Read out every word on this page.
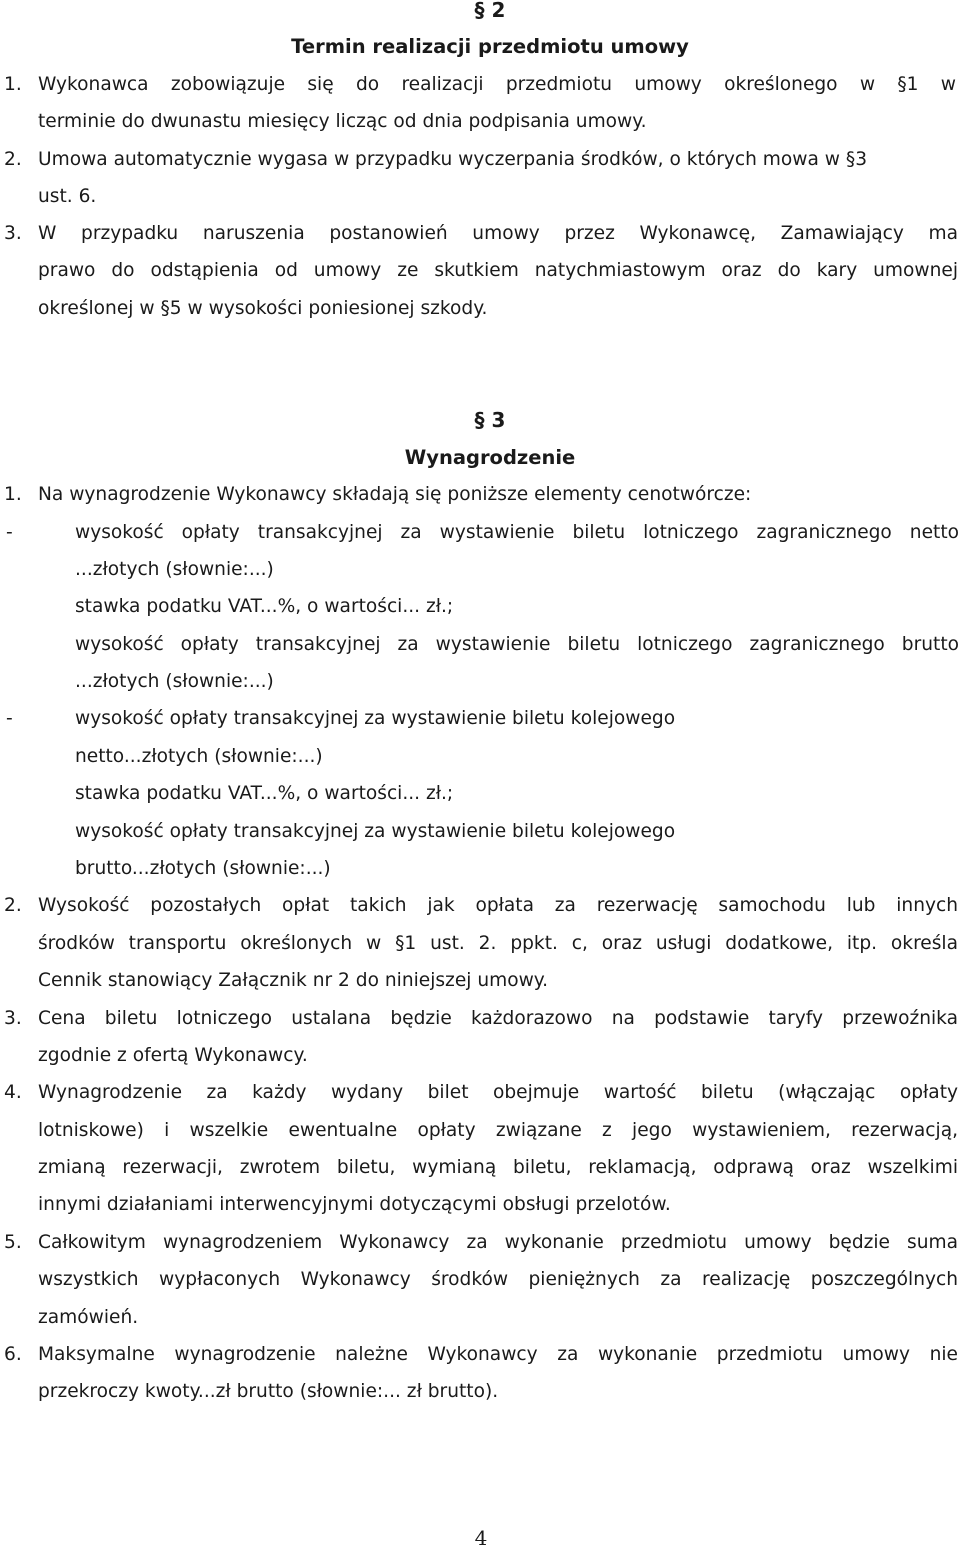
§ 2
Termin realizacji przedmiotu umowy
1. Wykonawca zobowiązuje się do realizacji przedmiotu umowy określonego w §1 w
terminie do dwunastu miesięcy licząc od dnia podpisania umowy.
2. Umowa automatycznie wygasa w przypadku wyczerpania środków, o których mowa w §3
ust. 6.
3. W przypadku naruszenia postanowień umowy przez Wykonawcę, Zamawiający ma
prawo do odstąpienia od umowy ze skutkiem natychmiastowym oraz do kary umownej
określonej w §5 w wysokości poniesionej szkody.
§ 3
Wynagrodzenie
1. Na wynagrodzenie Wykonawcy składają się poniższe elementy cenotwórcze:
-	wysokość opłaty transakcyjnej za wystawienie biletu lotniczego zagranicznego netto
...złotych (słownie:...)
stawka podatku VAT...%, o wartości... zł.;
wysokość opłaty transakcyjnej za wystawienie biletu lotniczego zagranicznego brutto
...złotych (słownie:...)
-	wysokość opłaty transakcyjnej za wystawienie biletu kolejowego
netto...złotych (słownie:...)
stawka podatku VAT...%, o wartości... zł.;
wysokość opłaty transakcyjnej za wystawienie biletu kolejowego
brutto...złotych (słownie:...)
2. Wysokość pozostałych opłat takich jak opłata za rezerwację samochodu lub innych
środków transportu określonych w §1 ust. 2. ppkt. c, oraz usługi dodatkowe, itp. określa
Cennik stanowiący Załącznik nr 2 do niniejszej umowy.
3. Cena biletu lotniczego ustalana będzie każdorazowo na podstawie taryfy przewoźnika
zgodnie z ofertą Wykonawcy.
4. Wynagrodzenie za każdy wydany bilet obejmuje wartość biletu (włączając opłaty
lotniskowe) i wszelkie ewentualne opłaty związane z jego wystawieniem, rezerwacją,
zmianą rezerwacji, zwrotem biletu, wymianą biletu, reklamacją, odprawą oraz wszelkimi
innymi działaniami interwencyjnymi dotyczącymi obsługi przelotów.
5. Całkowitym wynagrodzeniem Wykonawcy za wykonanie przedmiotu umowy będzie suma
wszystkich wypłaconych Wykonawcy środków pieniężnych za realizację poszczególnych
zamówień.
6. Maksymalne wynagrodzenie należne Wykonawcy za wykonanie przedmiotu umowy nie
przekroczy kwoty...zł brutto (słownie:... zł brutto).
4
